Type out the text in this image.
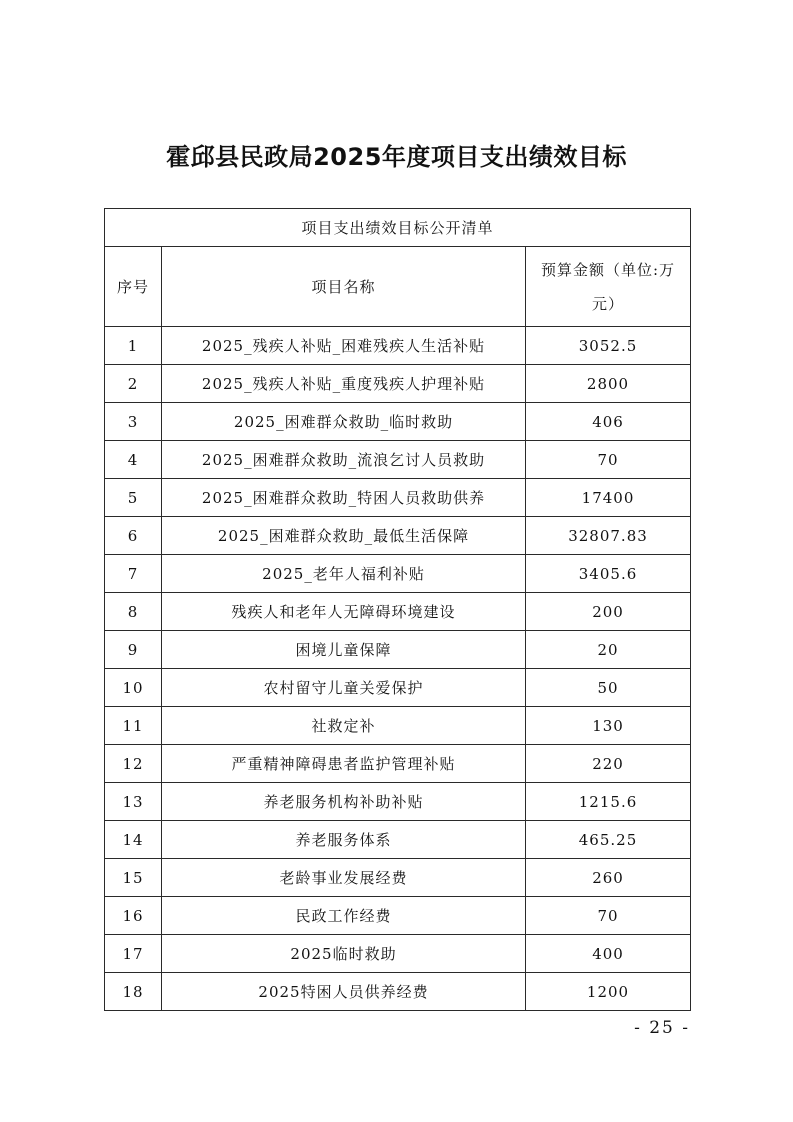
霍邱县民政局2025年度项目支出绩效目标
项目支出绩效目标公开清单		
序号	项目名称	预算金额（单位:万元）
1	2025_残疾人补贴_困难残疾人生活补贴	3052.5
2	2025_残疾人补贴_重度残疾人护理补贴	2800
3	2025_困难群众救助_临时救助	406
4	2025_困难群众救助_流浪乞讨人员救助	70
5	2025_困难群众救助_特困人员救助供养	17400
6	2025_困难群众救助_最低生活保障	32807.83
7	2025_老年人福利补贴	3405.6
8	残疾人和老年人无障碍环境建设	200
9	困境儿童保障	20
10	农村留守儿童关爱保护	50
11	社救定补	130
12	严重精神障碍患者监护管理补贴	220
13	养老服务机构补助补贴	1215.6
14	养老服务体系	465.25
15	老龄事业发展经费	260
16	民政工作经费	70
17	2025临时救助	400
18	2025特困人员供养经费	1200
- 25 -
